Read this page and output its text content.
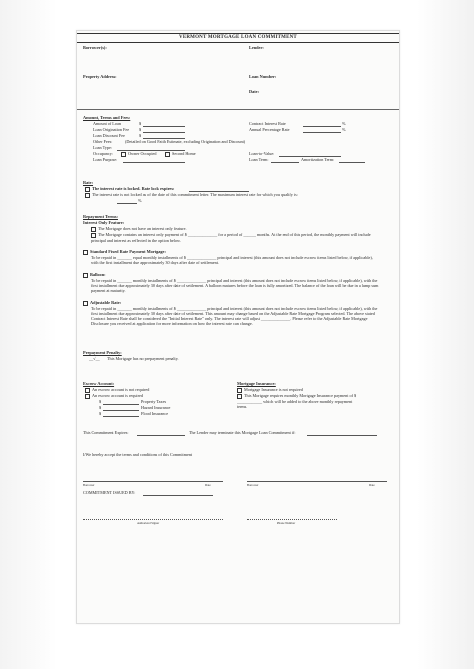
VERMONT MORTGAGE LOAN COMMITMENT
Borrower(s):	Lender:
Property Address:	Loan Number:
Date:
Amount, Terms and Fees:
Amount of Loan	$
Loan Origination Fee $
Loan Discount Fee	$
Other Fees:	(Detailed on Good Faith Estimate, excluding Origination and Discount)
Loan Type:
Occupancy:	Owner Occupied	Second Home
Loan Purpose:
Contract Interest Rate	%
Annual Percentage Rate	%
Loan-to-Value:
Loan Term:	Amortization Term:
Rate:
The interest rate is locked. Rate lock expires:
The interest rate is not locked as of the date of this commitment letter. The maximum interest rate for which you qualify is:
%
Repayment Terms:
Interest Only Feature:
The Mortgage does not have an interest only feature.
The Mortgage contains an interest only payment of $ ______________ for a period of ______ months. At the end of this period, the monthly payment will include principal and interest as reflected in the option below.
Standard Fixed Rate Payment Mortgage:
To be repaid in _______ equal monthly installments of $ ______________ principal and interest (this amount does not include escrow items listed below, if applicable), with the first installment due approximately 30 days after date of settlement.
Balloon:
To be repaid in _______ monthly installments of $ ______________ principal and interest (this amount does not include escrow items listed below, if applicable), with the first installment due approximately 30 days after date of settlement. A balloon matures before the loan is fully amortized. The balance of the loan will be due in a lump sum payment at maturity.
Adjustable Rate:
To be repaid in _______ monthly installments of $ ______________ principal and interest (this amount does not include escrow items listed below, if applicable), with the first installment due approximately 30 days after date of settlement. This amount may change based on the Adjustable Rate Mortgage Program selected. The above stated Contract Interest Rate shall be considered the "Initial Interest Rate" only. The interest rate will adjust ______________. Please refer to the Adjustable Rate Mortgage Disclosure you received at application for more information on how the interest rate can change.
Prepayment Penalty:
__√__ This Mortgage has no prepayment penalty.
Escrow Account:
An escrow account is not required
An escrow account is required
$	Property Taxes
$	Hazard Insurance
$	Flood Insurance
Mortgage Insurance:
Mortgage Insurance is not required
This Mortgage requires monthly Mortgage Insurance payment of $ ____________ which will be added to the above monthly repayment terms.
This Commitment Expires:	The Lender may terminate this Mortgage Loan Commitment if:
I/We hereby accept the terms and conditions of this Commitment
Borrower	Date	Borrower	Date
COMMITMENT ISSUED BY:
Authorized Signer	Phone Number
